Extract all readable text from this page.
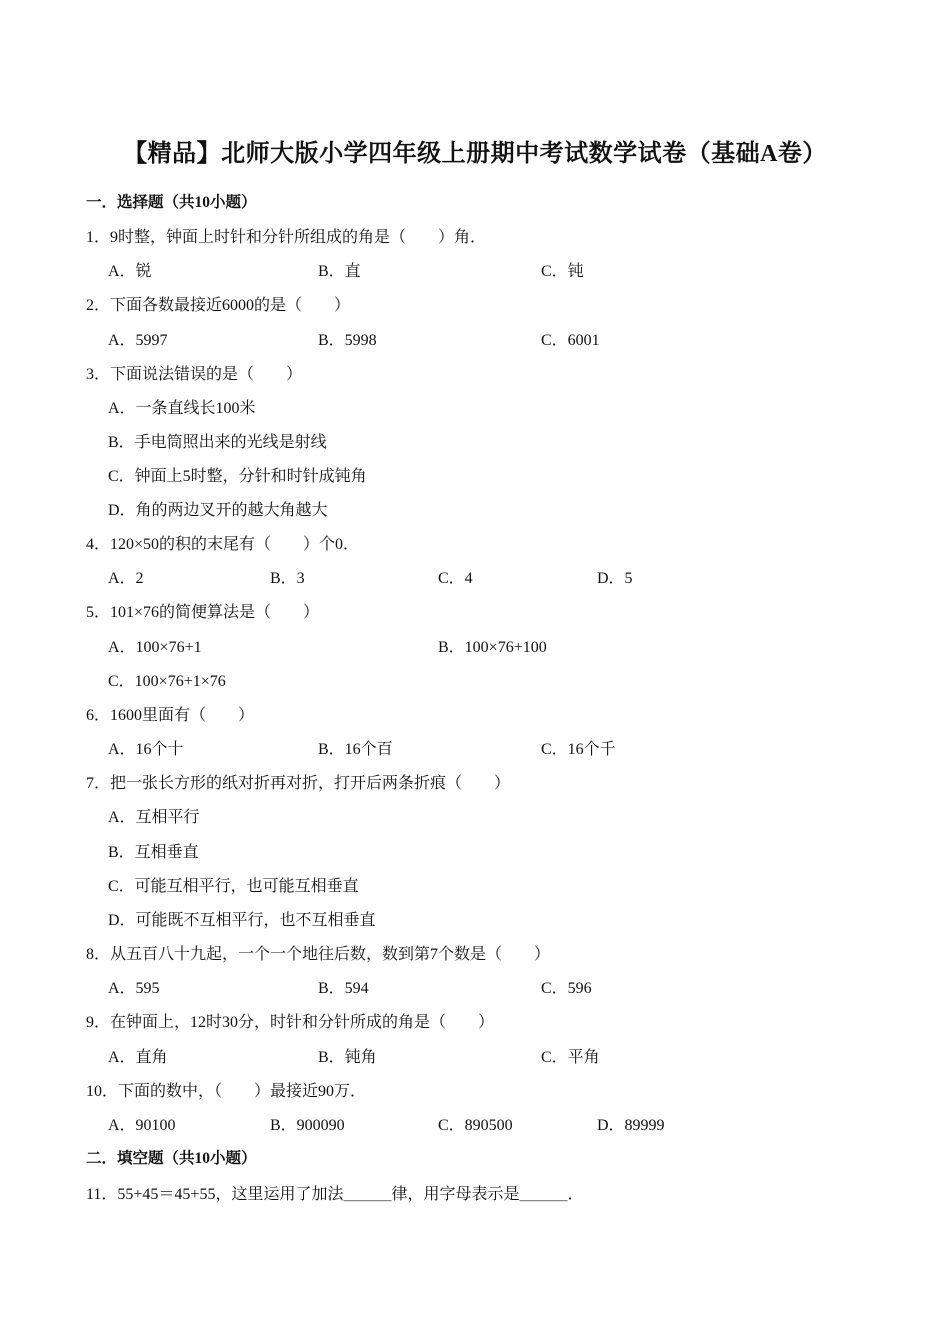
【精品】北师大版小学四年级上册期中考试数学试卷（基础A卷）
一．选择题（共10小题）
1．9时整，钟面上时针和分针所组成的角是（　　）角．
A．锐	B．直	C．钝
2．下面各数最接近6000的是（　　）
A．5997	B．5998	C．6001
3．下面说法错误的是（　　）
A．一条直线长100米
B．手电筒照出来的光线是射线
C．钟面上5时整，分针和时针成钝角
D．角的两边叉开的越大角越大
4．120×50的积的末尾有（　　）个0．
A．2	B．3	C．4	D．5
5．101×76的简便算法是（　　）
A．100×76+1	B．100×76+100
C．100×76+1×76
6．1600里面有（　　）
A．16个十	B．16个百	C．16个千
7．把一张长方形的纸对折再对折，打开后两条折痕（　　）
A．互相平行
B．互相垂直
C．可能互相平行，也可能互相垂直
D．可能既不互相平行，也不互相垂直
8．从五百八十九起，一个一个地往后数，数到第7个数是（　　）
A．595	B．594	C．596
9．在钟面上，12时30分，时针和分针所成的角是（　　）
A．直角	B．钝角	C．平角
10．下面的数中，（　　）最接近90万．
A．90100	B．900090	C．890500	D．89999
二．填空题（共10小题）
11．55+45＝45+55，这里运用了加法＿＿＿律，用字母表示是＿＿＿．
